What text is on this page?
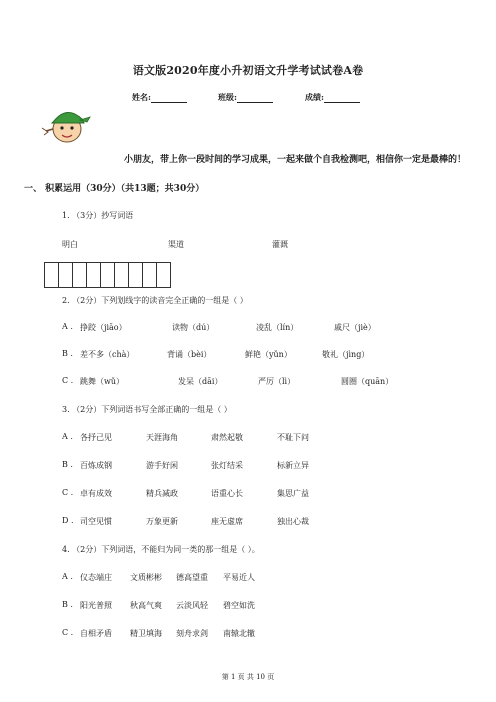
语文版2020年度小升初语文升学考试试卷A卷
姓名:	班级:	成绩:
小朋友，带上你一段时间的学习成果，一起来做个自我检测吧，相信你一定是最棒的！
一、 积累运用（30分）（共13题；共30分）
1. （3分）抄写词语
明白	渠道	灌溉
2. （2分）下列划线字的读音完全正确的一组是（ ）
A . 挣跤（jiāo）	读物（dú）	凌乱（lín）	戚尺（jiè）
B . 差不多（chà）	背诵（bèi）	鲜艳（yǔn）	敬礼（jìng）
C . 跳舞（wǔ）	发呆（dāi）	严厉（lì）	圆圈（quān）
3. （2分）下列词语书写全部正确的一组是（ ）
A . 各抒己见	天涯海角	肃然起敬	不耻下问
B . 百炼成钢	游手好闲	张灯结采	标新立异
C . 卓有成效	精兵减政	语重心长	集思广益
D . 司空见惯	万象更新	座无虚席	独出心裁
4. （2分）下列词语，不能归为同一类的那一组是（ ）。
A . 仪态端庄 文质彬彬 德高望重 平易近人
B . 阳光普照 秋高气爽 云淡风轻 碧空如洗
C . 自相矛盾 精卫填海 刻舟求剑 南辕北辙
第 1 页 共 10 页
